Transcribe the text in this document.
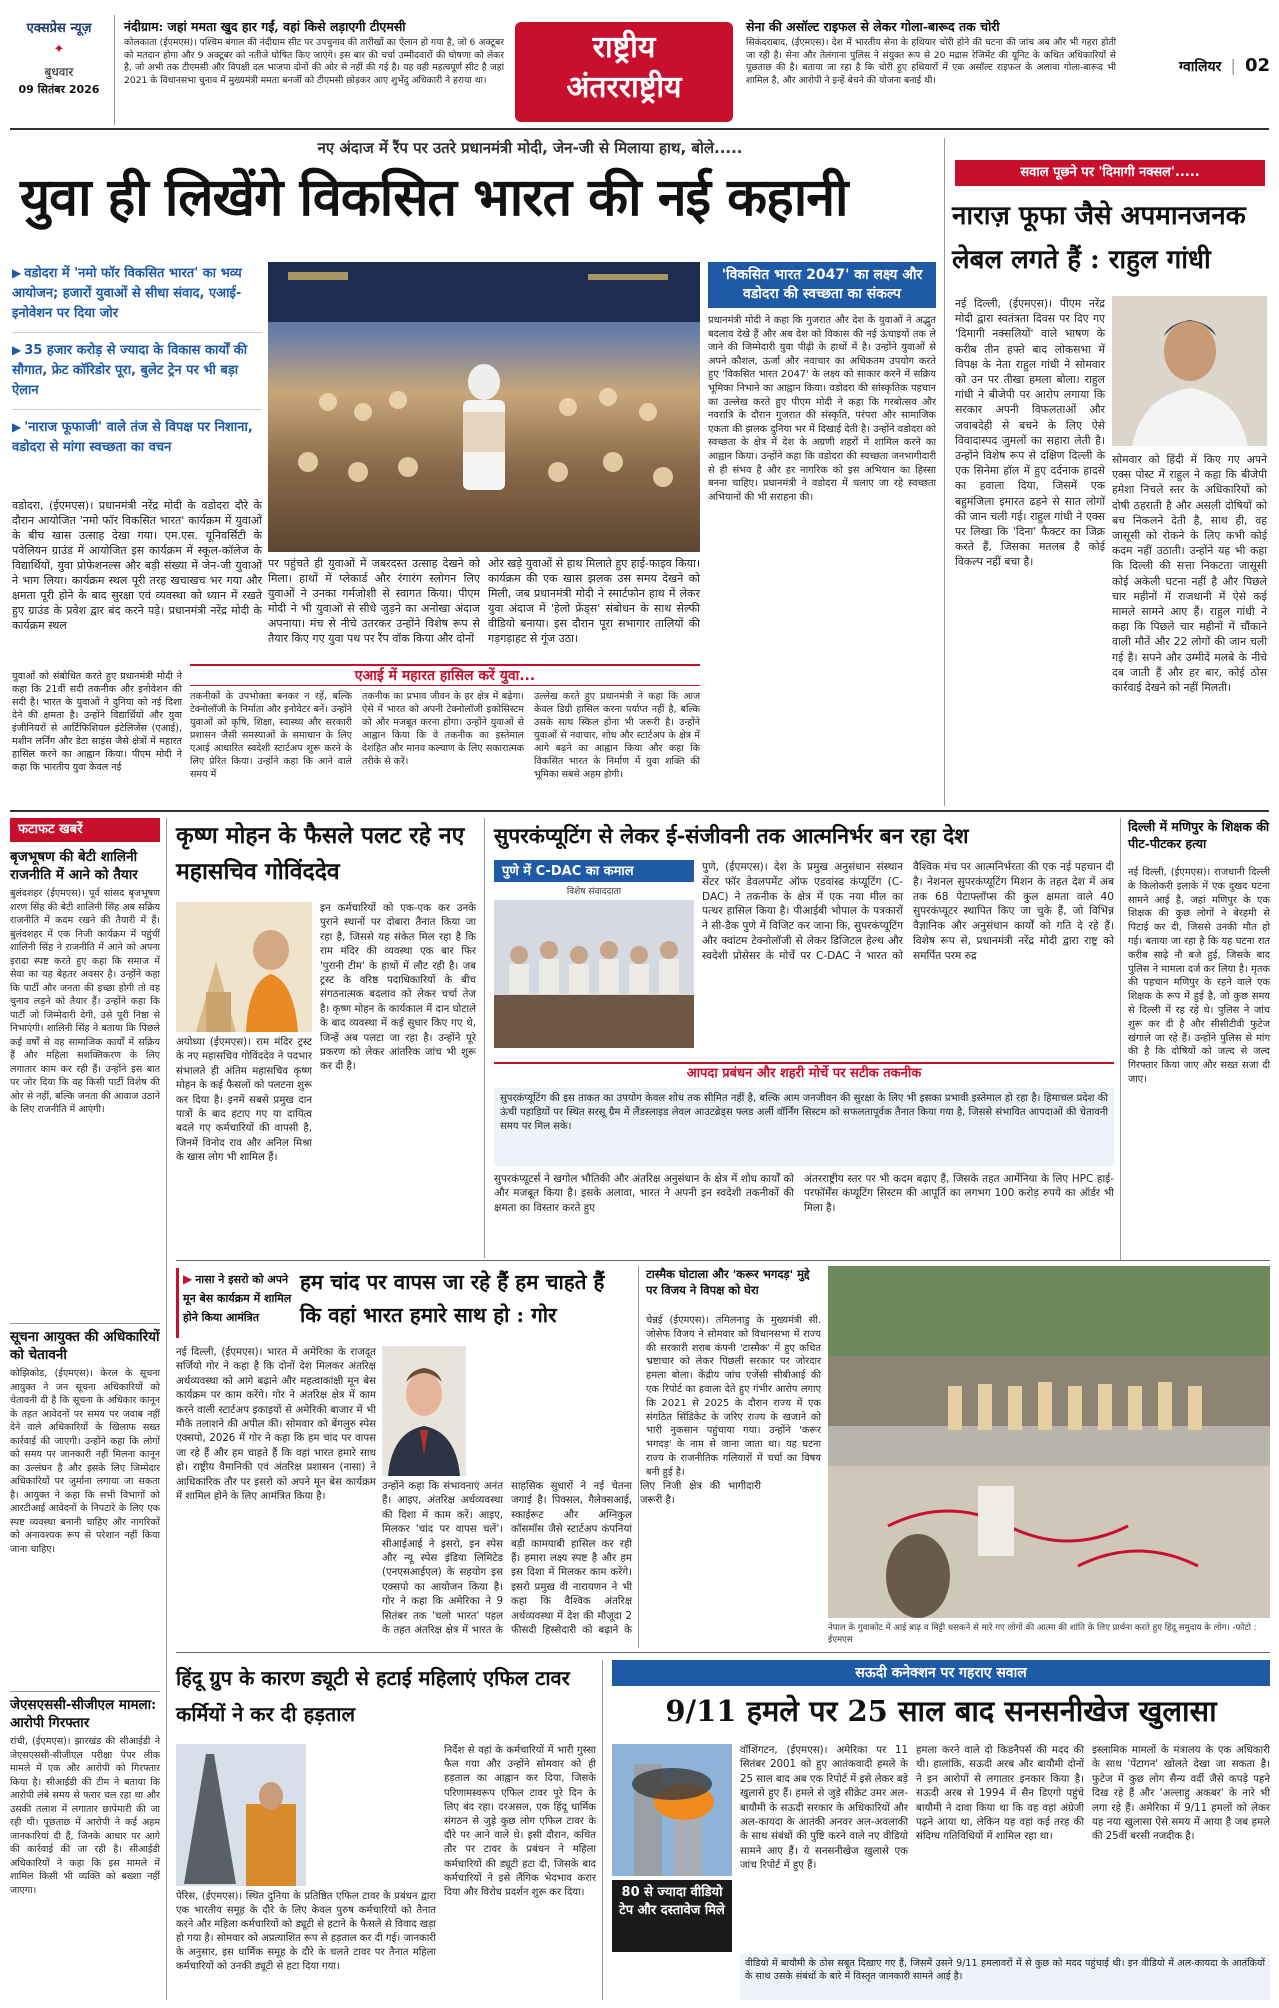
एक्सप्रेस न्यूज़
✦
बुधवार
09 सितंबर 2026
नंदीग्राम: जहां ममता खुद हार गईं, वहां किसे लड़ाएगी टीएमसी
कोलकाता (ईएमएस)। पश्चिम बंगाल की नंदीग्राम सीट पर उपचुनाव की तारीखों का ऐलान हो गया है, जो 6 अक्टूबर को मतदान होगा और 9 अक्टूबर को नतीजे घोषित किए जाएंगे। इस बार की चर्चा उम्मीदवारों की घोषणा को लेकर है, जो अभी तक टीएमसी और विपक्षी दल भाजपा दोनों की ओर से नहीं की गई है। यह वही महत्वपूर्ण सीट है जहां 2021 के विधानसभा चुनाव में मुख्यमंत्री ममता बनर्जी को टीएमसी छोड़कर आए शुभेंदु अधिकारी ने हराया था।
राष्ट्रीय
अंतरराष्ट्रीय
सेना की असॉल्ट राइफल से लेकर गोला-बारूद तक चोरी
सिकंदराबाद, (ईएमएस)। देश में भारतीय सेना के हथियार चोरी होने की घटना की जांच अब और भी गहरा होती जा रही है। सेना और तेलंगाना पुलिस ने संयुक्त रूप से 20 मद्रास रेजिमेंट की यूनिट के कथित अधिकारियों से पूछताछ की है। बताया जा रहा है कि चोरी हुए हथियारों में एक असॉल्ट राइफल के अलावा गोला-बारूद भी शामिल है, और आरोपी ने इन्हें बेचने की योजना बनाई थी।
ग्वालियर | 02
नए अंदाज में रैंप पर उतरे प्रधानमंत्री मोदी, जेन-जी से मिलाया हाथ, बोले.....
युवा ही लिखेंगे विकसित भारत की नई कहानी
▶ वडोदरा में 'नमो फॉर विकसित भारत' का भव्य आयोजन; हजारों युवाओं से सीधा संवाद, एआई-इनोवेशन पर दिया जोर
▶ 35 हजार करोड़ से ज्यादा के विकास कार्यों की सौगात, फ्रेट कॉरिडोर पूरा, बुलेट ट्रेन पर भी बड़ा ऐलान
▶ 'नाराज फूफाजी' वाले तंज से विपक्ष पर निशाना, वडोदरा से मांगा स्वच्छता का वचन
वडोदरा, (ईएमएस)। प्रधानमंत्री नरेंद्र मोदी के वडोदरा दौरे के दौरान आयोजित 'नमो फॉर विकसित भारत' कार्यक्रम में युवाओं के बीच खास उत्साह देखा गया। एम.एस. यूनिवर्सिटी के पवेलियन ग्राउंड में आयोजित इस कार्यक्रम में स्कूल-कॉलेज के विद्यार्थियों, युवा प्रोफेशनल्स और बड़ी संख्या में जेन-जी युवाओं ने भाग लिया। कार्यक्रम स्थल पूरी तरह खचाखच भर गया और क्षमता पूरी होने के बाद सुरक्षा एवं व्यवस्था को ध्यान में रखते हुए ग्राउंड के प्रवेश द्वार बंद करने पड़े। प्रधानमंत्री नरेंद्र मोदी के कार्यक्रम स्थल
पर पहुंचते ही युवाओं में जबरदस्त उत्साह देखने को मिला। हाथों में प्लेकार्ड और रंगारंग स्लोगन लिए युवाओं ने उनका गर्मजोशी से स्वागत किया। पीएम मोदी ने भी युवाओं से सीधे जुड़ने का अनोखा अंदाज अपनाया। मंच से नीचे उतरकर उन्होंने विशेष रूप से तैयार किए गए युवा पथ पर रैंप वॉक किया और दोनों
ओर खड़े युवाओं से हाथ मिलाते हुए हाई-फाइव किया। कार्यक्रम की एक खास झलक उस समय देखने को मिली, जब प्रधानमंत्री मोदी ने स्मार्टफोन हाथ में लेकर युवा अंदाज में 'हेलो फ्रेंड्स' संबोधन के साथ सेल्फी वीडियो बनाया। इस दौरान पूरा सभागार तालियों की गड़गड़ाहट से गूंज उठा।
युवाओं को संबोधित करते हुए प्रधानमंत्री मोदी ने कहा कि 21वीं सदी तकनीक और इनोवेशन की सदी है। भारत के युवाओं ने दुनिया को नई दिशा देने की क्षमता है। उन्होंने विद्यार्थियों और युवा इंजीनियरों से आर्टिफिशियल इंटेलिजेंस (एआई), मशीन लर्निंग और डेटा साइंस जैसे क्षेत्रों में महारत हासिल करने का आह्वान किया। पीएम मोदी ने कहा कि भारतीय युवा केवल नई
एआई में महारत हासिल करें युवा...
तकनीकों के उपभोक्ता बनकर न रहें, बल्कि टेक्नोलॉजी के निर्माता और इनोवेटर बनें। उन्होंने युवाओं को कृषि, शिक्षा, स्वास्थ्य और सरकारी प्रशासन जैसी समस्याओं के समाधान के लिए एआई आधारित स्वदेशी स्टार्टअप शुरू करने के लिए प्रेरित किया। उन्होंने कहा कि आने वाले समय में
तकनीक का प्रभाव जीवन के हर क्षेत्र में बढ़ेगा। ऐसे में भारत को अपनी टेक्नोलॉजी इकोसिस्टम को और मजबूत करना होगा। उन्होंने युवाओं से आह्वान किया कि वे तकनीक का इस्तेमाल देशहित और मानव कल्याण के लिए सकारात्मक तरीके से करें।
उल्लेख करते हुए प्रधानमंत्री ने कहा कि आज केवल डिग्री हासिल करना पर्याप्त नहीं है, बल्कि उसके साथ स्किल होना भी जरूरी है। उन्होंने युवाओं से नवाचार, शोध और स्टार्टअप के क्षेत्र में आगे बढ़ने का आह्वान किया और कहा कि विकसित भारत के निर्माण में युवा शक्ति की भूमिका सबसे अहम होगी।
'विकसित भारत 2047' का लक्ष्य और वडोदरा की स्वच्छता का संकल्प
प्रधानमंत्री मोदी ने कहा कि गुजरात और देश के युवाओं ने अद्भुत बदलाव देखे हैं और अब देश को विकास की नई ऊंचाइयों तक ले जाने की जिम्मेदारी युवा पीढ़ी के हाथों में है। उन्होंने युवाओं से अपने कौशल, ऊर्जा और नवाचार का अधिकतम उपयोग करते हुए 'विकसित भारत 2047' के लक्ष्य को साकार करने में सक्रिय भूमिका निभाने का आह्वान किया। वडोदरा की सांस्कृतिक पहचान का उल्लेख करते हुए पीएम मोदी ने कहा कि गरबोत्सव और नवरात्रि के दौरान गुजरात की संस्कृति, परंपरा और सामाजिक एकता की झलक दुनिया भर में दिखाई देती है। उन्होंने वडोदरा को स्वच्छता के क्षेत्र में देश के अग्रणी शहरों में शामिल करने का आह्वान किया। उन्होंने कहा कि वडोदरा की स्वच्छता जनभागीदारी से ही संभव है और हर नागरिक को इस अभियान का हिस्सा बनना चाहिए। प्रधानमंत्री ने वडोदरा में चलाए जा रहे स्वच्छता अभियानों की भी सराहना की।
सवाल पूछने पर 'दिमागी नक्सल'.....
नाराज़ फूफा जैसे अपमानजनक लेबल लगते हैं : राहुल गांधी
नई दिल्ली, (ईएमएस)। पीएम नरेंद्र मोदी द्वारा स्वतंत्रता दिवस पर दिए गए 'दिमागी नक्सलियों' वाले भाषण के करीब तीन हफ्ते बाद लोकसभा में विपक्ष के नेता राहुल गांधी ने सोमवार को उन पर तीखा हमला बोला। राहुल गांधी ने बीजेपी पर आरोप लगाया कि सरकार अपनी विफलताओं और जवाबदेही से बचने के लिए ऐसे विवादास्पद जुमलों का सहारा लेती है। उन्होंने विशेष रूप से दक्षिण दिल्ली के एक सिनेमा हॉल में हुए दर्दनाक हादसे का हवाला दिया, जिसमें एक बहुमंजिला इमारत ढहने से सात लोगों की जान चली गई। राहुल गांधी ने एक्स पर लिखा कि 'दिना' फैक्टर का जिक्र करते हैं, जिसका मतलब है कोई विकल्प नहीं बचा है।
सोमवार को हिंदी में किए गए अपने एक्स पोस्ट में राहुल ने कहा कि बीजेपी हमेशा निचले स्तर के अधिकारियों को दोषी ठहराती है और असली दोषियों को बच निकलने देती है, साथ ही, वह जासूसी को रोकने के लिए कभी कोई कदम नहीं उठाती। उन्होंने यह भी कहा कि दिल्ली की सत्ता निकटता जासूसी कोई अकेली घटना नहीं है और पिछले चार महीनों में राजधानी में ऐसे कई मामले सामने आए हैं। राहुल गांधी ने कहा कि पिछले चार महीनों में चौंकाने वाली मौतें और 22 लोगों की जान चली गई है। सपने और उम्मीदें मलबे के नीचे दब जाती हैं और हर बार, कोई ठोस कार्रवाई देखने को नहीं मिलती।
फटाफट खबरें
बृजभूषण की बेटी शालिनी राजनीति में आने को तैयार
बुलंदशहर (ईएमएस)। पूर्व सांसद बृजभूषण शरण सिंह की बेटी शालिनी सिंह अब सक्रिय राजनीति में कदम रखने की तैयारी में हैं। बुलंदशहर में एक निजी कार्यक्रम में पहुंचीं शालिनी सिंह ने राजनीति में आने को अपना इरादा स्पष्ट करते हुए कहा कि समाज में सेवा का यह बेहतर अवसर है। उन्होंने कहा कि पार्टी और जनता की इच्छा होगी तो वह चुनाव लड़ने को तैयार हैं। उन्होंने कहा कि पार्टी जो जिम्मेदारी देगी, उसे पूरी निष्ठा से निभाएंगी। शालिनी सिंह ने बताया कि पिछले कई वर्षों से वह सामाजिक कार्यों में सक्रिय हैं और महिला सशक्तिकरण के लिए लगातार काम कर रही हैं। उन्होंने इस बात पर जोर दिया कि वह किसी पार्टी विशेष की ओर से नहीं, बल्कि जनता की आवाज उठाने के लिए राजनीति में आएंगी।
सूचना आयुक्त की अधिकारियों को चेतावनी
कोझिकोड, (ईएमएस)। केरल के सूचना आयुक्त ने जन सूचना अधिकारियों को चेतावनी दी है कि सूचना के अधिकार कानून के तहत आवेदनों पर समय पर जवाब नहीं देने वाले अधिकारियों के खिलाफ सख्त कार्रवाई की जाएगी। उन्होंने कहा कि लोगों को समय पर जानकारी नहीं मिलना कानून का उल्लंघन है और इसके लिए जिम्मेदार अधिकारियों पर जुर्माना लगाया जा सकता है। आयुक्त ने कहा कि सभी विभागों को आरटीआई आवेदनों के निपटारे के लिए एक स्पष्ट व्यवस्था बनानी चाहिए और नागरिकों को अनावश्यक रूप से परेशान नहीं किया जाना चाहिए।
जेएसएससी-सीजीएल मामला: आरोपी गिरफ्तार
रांची, (ईएमएस)। झारखंड की सीआईडी ने जेएसएससी-सीजीएल परीक्षा पेपर लीक मामले में एक और आरोपी को गिरफ्तार किया है। सीआईडी की टीम ने बताया कि आरोपी लंबे समय से फरार चल रहा था और उसकी तलाश में लगातार छापेमारी की जा रही थी। पूछताछ में आरोपी ने कई अहम जानकारियां दी हैं, जिनके आधार पर आगे की कार्रवाई की जा रही है। सीआईडी अधिकारियों ने कहा कि इस मामले में शामिल किसी भी व्यक्ति को बख्शा नहीं जाएगा।
कृष्ण मोहन के फैसले पलट रहे नए महासचिव गोविंददेव
अयोध्या (ईएमएस)। राम मंदिर ट्रस्ट के नए महासचिव गोविंददेव ने पदभार संभालते ही अंतिम महासचिव कृष्ण मोहन के कई फैसलों को पलटना शुरू कर दिया है। इनमें सबसे प्रमुख दान पात्रों के बाद हटाए गए या दायित्व बदले गए कर्मचारियों की वापसी है, जिनमें विनोद राव और अनिल मिश्रा के खास लोग भी शामिल हैं।
इन कर्मचारियों को एक-एक कर उनके पुराने स्थानों पर दोबारा तैनात किया जा रहा है, जिससे यह संकेत मिल रहा है कि राम मंदिर की व्यवस्था एक बार फिर 'पुरानी टीम' के हाथों में लौट रही है। जब ट्रस्ट के वरिष्ठ पदाधिकारियों के बीच संगठनात्मक बदलाव को लेकर चर्चा तेज है। कृष्ण मोहन के कार्यकाल में दान घोटाले के बाद व्यवस्था में कई सुधार किए गए थे, जिन्हें अब पलटा जा रहा है। उन्होंने पूरे प्रकरण को लेकर आंतरिक जांच भी शुरू कर दी है।
सुपरकंप्यूटिंग से लेकर ई-संजीवनी तक आत्मनिर्भर बन रहा देश
पुणे में C-DAC का कमाल
विशेष संवाददाता
पुणे, (ईएमएस)। देश के प्रमुख अनुसंधान संस्थान सेंटर फॉर डेवलपमेंट ऑफ एडवांस्ड कंप्यूटिंग (C-DAC) ने तकनीक के क्षेत्र में एक नया मील का पत्थर हासिल किया है। पीआईबी भोपाल के पत्रकारों ने सी-डैक पुणे में विजिट कर जाना कि, सुपरकंप्यूटिंग और क्वांटम टेक्नोलॉजी से लेकर डिजिटल हेल्थ और स्वदेशी प्रोसेसर के मोर्चे पर C-DAC ने भारत को वैश्विक मंच पर आत्मनिर्भरता की एक नई पहचान दी है। नेशनल सुपरकंप्यूटिंग मिशन के तहत देश में अब तक 68 पेटाफ्लॉप्स की कुल क्षमता वाले 40 सुपरकंप्यूटर स्थापित किए जा चुके हैं, जो विभिन्न वैज्ञानिक और अनुसंधान कार्यों को गति दे रहे हैं। विशेष रूप से, प्रधानमंत्री नरेंद्र मोदी द्वारा राष्ट्र को समर्पित परम रुद्र
आपदा प्रबंधन और शहरी मोर्चे पर सटीक तकनीक
सुपरकंप्यूटिंग की इस ताकत का उपयोग केवल शोध तक सीमित नहीं है, बल्कि आम जनजीवन की सुरक्षा के लिए भी इसका प्रभावी इस्तेमाल हो रहा है। हिमाचल प्रदेश की ऊंची पहाड़ियों पर स्थित सरसू ग्रैम में लैंडस्लाइड लेवल आउटब्रेड्स फ्लड अर्ली वॉर्निंग सिस्टम को सफलतापूर्वक तैनात किया गया है, जिससे संभावित आपदाओं की चेतावनी समय पर मिल सके।
सुपरकंप्यूटर्स ने खगोल भौतिकी और अंतरिक्ष अनुसंधान के क्षेत्र में शोध कार्यों को और मजबूत किया है। इसके अलावा, भारत ने अपनी इन स्वदेशी तकनीकों की क्षमता का विस्तार करते हुए
अंतरराष्ट्रीय स्तर पर भी कदम बढ़ाए हैं, जिसके तहत आर्मेनिया के लिए HPC हाई-परफॉर्मेंस कंप्यूटिंग सिस्टम की आपूर्ति का लगभग 100 करोड़ रुपये का ऑर्डर भी मिला है।
दिल्ली में मणिपुर के शिक्षक की पीट-पीटकर हत्या
नई दिल्ली, (ईएमएस)। राजधानी दिल्ली के किलोकरी इलाके में एक दुखद घटना सामने आई है, जहां मणिपुर के एक शिक्षक की कुछ लोगों ने बेरहमी से पिटाई कर दी, जिससे उनकी मौत हो गई। बताया जा रहा है कि यह घटना रात करीब साढ़े नौ बजे हुई, जिसके बाद पुलिस ने मामला दर्ज कर लिया है। मृतक की पहचान मणिपुर के रहने वाले एक शिक्षक के रूप में हुई है, जो कुछ समय से दिल्ली में रह रहे थे। पुलिस ने जांच शुरू कर दी है और सीसीटीवी फुटेज खंगाले जा रहे हैं। उन्होंने पुलिस से मांग की है कि दोषियों को जल्द से जल्द गिरफ्तार किया जाए और सख्त सजा दी जाए।
▶ नासा ने इसरो को अपने मून बेस कार्यक्रम में शामिल होने किया आमंत्रित
हम चांद पर वापस जा रहे हैं हम चाहते हैं कि वहां भारत हमारे साथ हो : गोर
नई दिल्ली, (ईएमएस)। भारत में अमेरिका के राजदूत सर्जियो गोर ने कहा है कि दोनों देश मिलकर अंतरिक्ष अर्थव्यवस्था को आगे बढ़ाने और महत्वाकांक्षी मून बेस कार्यक्रम पर काम करेंगे। गोर ने अंतरिक्ष क्षेत्र में काम करने वाली स्टार्टअप इकाइयों से अमेरिकी बाजार में भी मौके तलाशने की अपील की। सोमवार को बेंगलुरु स्पेस एक्सपो, 2026 में गोर ने कहा कि हम चांद पर वापस जा रहे हैं और हम चाहते हैं कि वहां भारत हमारे साथ हो। राष्ट्रीय वैमानिकी एवं अंतरिक्ष प्रशासन (नासा) ने आधिकारिक तौर पर इसरो को अपने मून बेस कार्यक्रम में शामिल होने के लिए आमंत्रित किया है।
उन्होंने कहा कि संभावनाएं अनंत हैं। आइए, अंतरिक्ष अर्थव्यवस्था की दिशा में काम करें। आइए, मिलकर 'चांद पर वापस चलें'। सीआईआई ने इसरो, इन स्पेस और न्यू स्पेस इंडिया लिमिटेड (एनएसआईएल) के सहयोग इस एक्सपो का आयोजन किया है। गोर ने कहा कि अमेरिका ने 9 सितंबर तक 'चलो भारत' पहल के तहत अंतरिक्ष क्षेत्र में भारत के साहसिक सुधारों ने नई चेतना जगाई है। पिक्सल, गैलेक्सआई, स्काईरूट और अग्निकुल कॉसमॉस जैसे स्टार्टअप कंपनियां बड़ी कामयाबी हासिल कर रही हैं। हमारा लक्ष्य स्पष्ट है और हम इस दिशा में मिलकर काम करेंगे। इसरो प्रमुख वी नारायणन ने भी कहा कि वैश्विक अंतरिक्ष अर्थव्यवस्था में देश की मौजूदा 2 फीसदी हिस्सेदारी को बढ़ाने के लिए निजी क्षेत्र की भागीदारी जरूरी है।
टास्मैक घोटाला और 'करूर भगदड़' मुद्दे पर विजय ने विपक्ष को घेरा
चेन्नई (ईएमएस)। तमिलनाडु के मुख्यमंत्री सी. जोसेफ विजय ने सोमवार को विधानसभा में राज्य की सरकारी शराब कंपनी 'टास्मैक' में हुए कथित भ्रष्टाचार को लेकर पिछली सरकार पर जोरदार हमला बोला। केंद्रीय जांच एजेंसी सीबीआई की एक रिपोर्ट का हवाला देते हुए गंभीर आरोप लगाए कि 2021 से 2025 के दौरान राज्य में एक संगठित सिंडिकेट के जरिए राज्य के खजाने को भारी नुकसान पहुंचाया गया। उन्होंने 'करूर भगदड़' के नाम से जाना जाता था। यह घटना राज्य के राजनीतिक गलियारों में चर्चा का विषय बनी हुई है।
नेपाल के गुवाकोट में आई बाढ़ व मिट्टी धसकने से मारे गए लोगों की आत्मा की शांति के लिए प्रार्थना करते हुए हिंदू समुदाय के लोग। -फोटो : ईएमएस
हिंदू ग्रुप के कारण ड्यूटी से हटाई महिलाएं एफिल टावर कर्मियों ने कर दी हड़ताल
पेरिस, (ईएमएस)। स्थित दुनिया के प्रतिष्ठित एफिल टावर के प्रबंधन द्वारा एक भारतीय समूह के दौरे के लिए केवल पुरुष कर्मचारियों को तैनात करने और महिला कर्मचारियों को ड्यूटी से हटाने के फैसले से विवाद खड़ा हो गया है। सोमवार को अप्रत्याशित रूप से हड़ताल कर दी गई। जानकारी के अनुसार, इस धार्मिक समूह के दौरे के चलते टावर पर तैनात महिला कर्मचारियों को उनकी ड्यूटी से हटा दिया गया।
निर्देश से वहां के कर्मचारियों में भारी गुस्सा फैल गया और उन्होंने सोमवार को ही हड़ताल का आह्वान कर दिया, जिसके परिणामस्वरूप एफिल टावर पूरे दिन के लिए बंद रहा। दरअसल, एक हिंदू धार्मिक संगठन से जुड़े कुछ लोग एफिल टावर के दौरे पर आने वाले थे। इसी दौरान, कथित तौर पर टावर के प्रबंधन ने महिला कर्मचारियों की ड्यूटी हटा दी, जिसके बाद कर्मचारियों ने इसे लैंगिक भेदभाव करार दिया और विरोध प्रदर्शन शुरू कर दिया।
सऊदी कनेक्शन पर गहराए सवाल
9/11 हमले पर 25 साल बाद सनसनीखेज खुलासा
वॉशिंगटन, (ईएमएस)। अमेरिका पर 11 सितंबर 2001 को हुए आतंकवादी हमले के 25 साल बाद अब एक रिपोर्ट में इसे लेकर बड़े खुलासे हुए हैं। हमले से जुड़े सीक्रेट उमर अल-बायौमी के सऊदी सरकार के अधिकारियों और अल-कायदा के आतंकी अनवर अल-अवलाकी के साथ संबंधों की पुष्टि करने वाले नए वीडियो सामने आए हैं। ये सनसनीखेज खुलासे एक जांच रिपोर्ट में हुए हैं।
हमला करने वाले दो किडनैपर्स की मदद की थी। हालांकि, सऊदी अरब और बायौमी दोनों ने इन आरोपों से लगातार इनकार किया है। सऊदी अरब से 1994 में सैन डिएगो पहुंचे बायौमी ने दावा किया था कि वह वहां अंग्रेजी पढ़ने आया था, लेकिन यह वहां कई तरह की संदिग्ध गतिविधियों में शामिल रहा था।
इस्लामिक मामलों के मंत्रालय के एक अधिकारी के साथ 'पेंटागन' खोलते देखा जा सकता है। फुटेज में कुछ लोग सैन्य वर्दी जैसे कपड़े पहने दिख रहे हैं और 'अल्लाहु अकबर' के नारे भी लगा रहे हैं। अमेरिका में 9/11 हमलों को लेकर यह नया खुलासा ऐसे समय में आया है जब हमले की 25वीं बरसी नजदीक है।
80 से ज्यादा वीडियो टेप और दस्तावेज मिले
वीडियो में बायौमी के ठोस सबूत दिखाए गए हैं, जिसमें उसने 9/11 हमलावरों में से कुछ को मदद पहुंचाई थी। इन वीडियो में अल-कायदा के आतंकियों के साथ उसके संबंधों के बारे में विस्तृत जानकारी सामने आई है।
